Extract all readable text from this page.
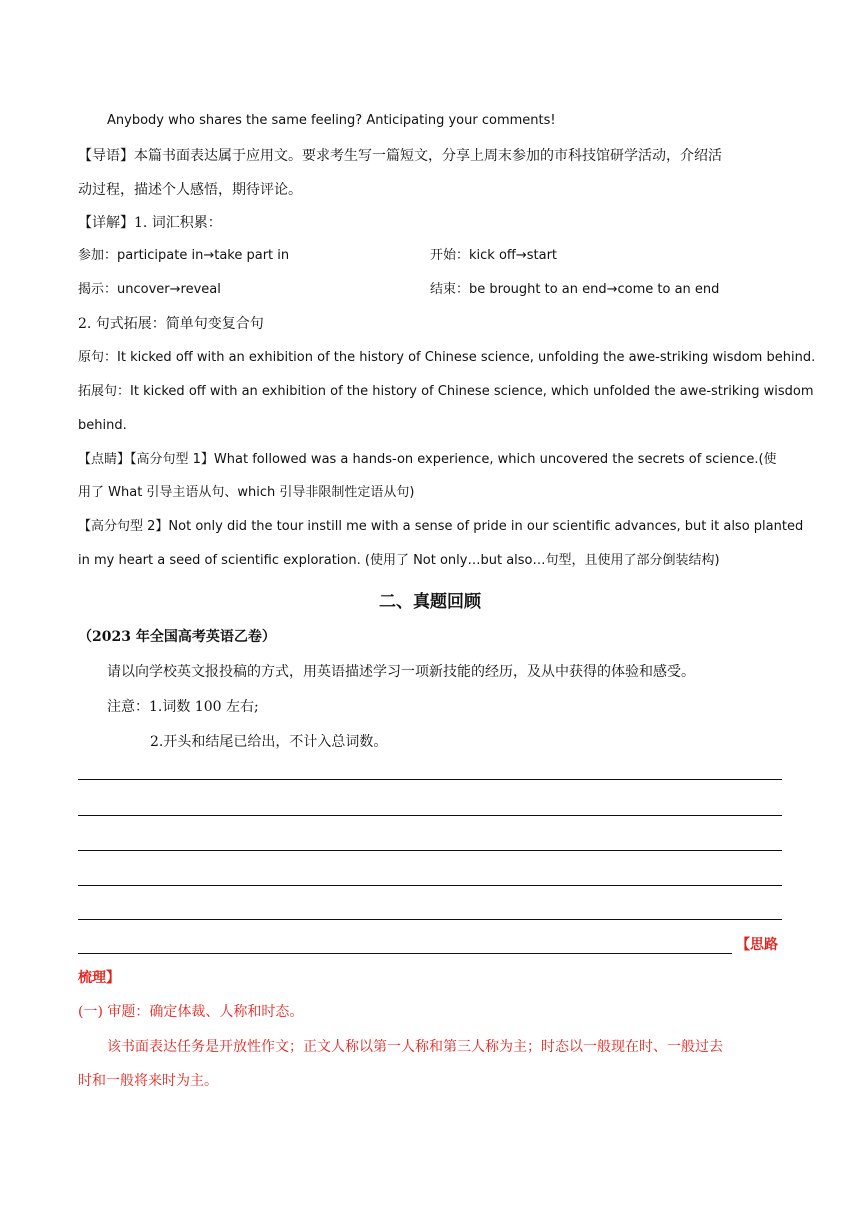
Anybody who shares the same feeling? Anticipating your comments!
【导语】本篇书面表达属于应用文。要求考生写一篇短文，分享上周末参加的市科技馆研学活动，介绍活
动过程，描述个人感悟，期待评论。
【详解】1. 词汇积累：
参加：participate in→take part in	开始：kick off→start
揭示：uncover→reveal	结束：be brought to an end→come to an end
2. 句式拓展：简单句变复合句
原句：It kicked off with an exhibition of the history of Chinese science, unfolding the awe-striking wisdom behind.
拓展句：It kicked off with an exhibition of the history of Chinese science, which unfolded the awe-striking wisdom
behind.
【点睛】【高分句型 1】What followed was a hands-on experience, which uncovered the secrets of science.(使
用了 What 引导主语从句、which 引导非限制性定语从句)
【高分句型 2】Not only did the tour instill me with a sense of pride in our scientific advances, but it also planted
in my heart a seed of scientific exploration. (使用了 Not only…but also…句型，且使用了部分倒装结构)
二、真题回顾
（2023 年全国高考英语乙卷）
请以向学校英文报投稿的方式，用英语描述学习一项新技能的经历，及从中获得的体验和感受。
注意：1.词数 100 左右;
2.开头和结尾已给出，不计入总词数。
【思路
梳理】
(一) 审题：确定体裁、人称和时态。
该书面表达任务是开放性作文；正文人称以第一人称和第三人称为主；时态以一般现在时、一般过去
时和一般将来时为主。
